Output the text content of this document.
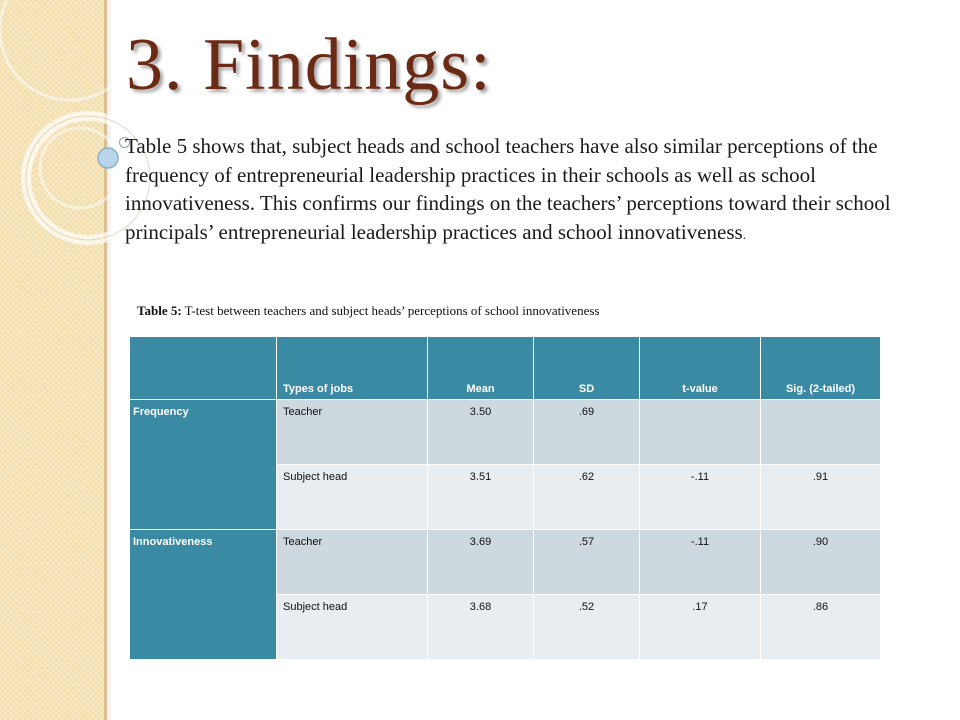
3. Findings:

Table 5 shows that, subject heads and school teachers have also similar perceptions of the frequency of entrepreneurial leadership practices in their schools as well as school innovativeness. This confirms our findings on the teachers’ perceptions toward their school principals’ entrepreneurial leadership practices and school innovativeness.

Table 5: T-test between teachers and subject heads’ perceptions of school innovativeness
	Types of jobs	Mean	SD	t-value	Sig. (2-tailed)
Frequency	Teacher	3.50	.69		
	Subject head	3.51	.62	-.11	.91
Innovativeness	Teacher	3.69	.57	-.11	.90
	Subject head	3.68	.52	.17	.86
